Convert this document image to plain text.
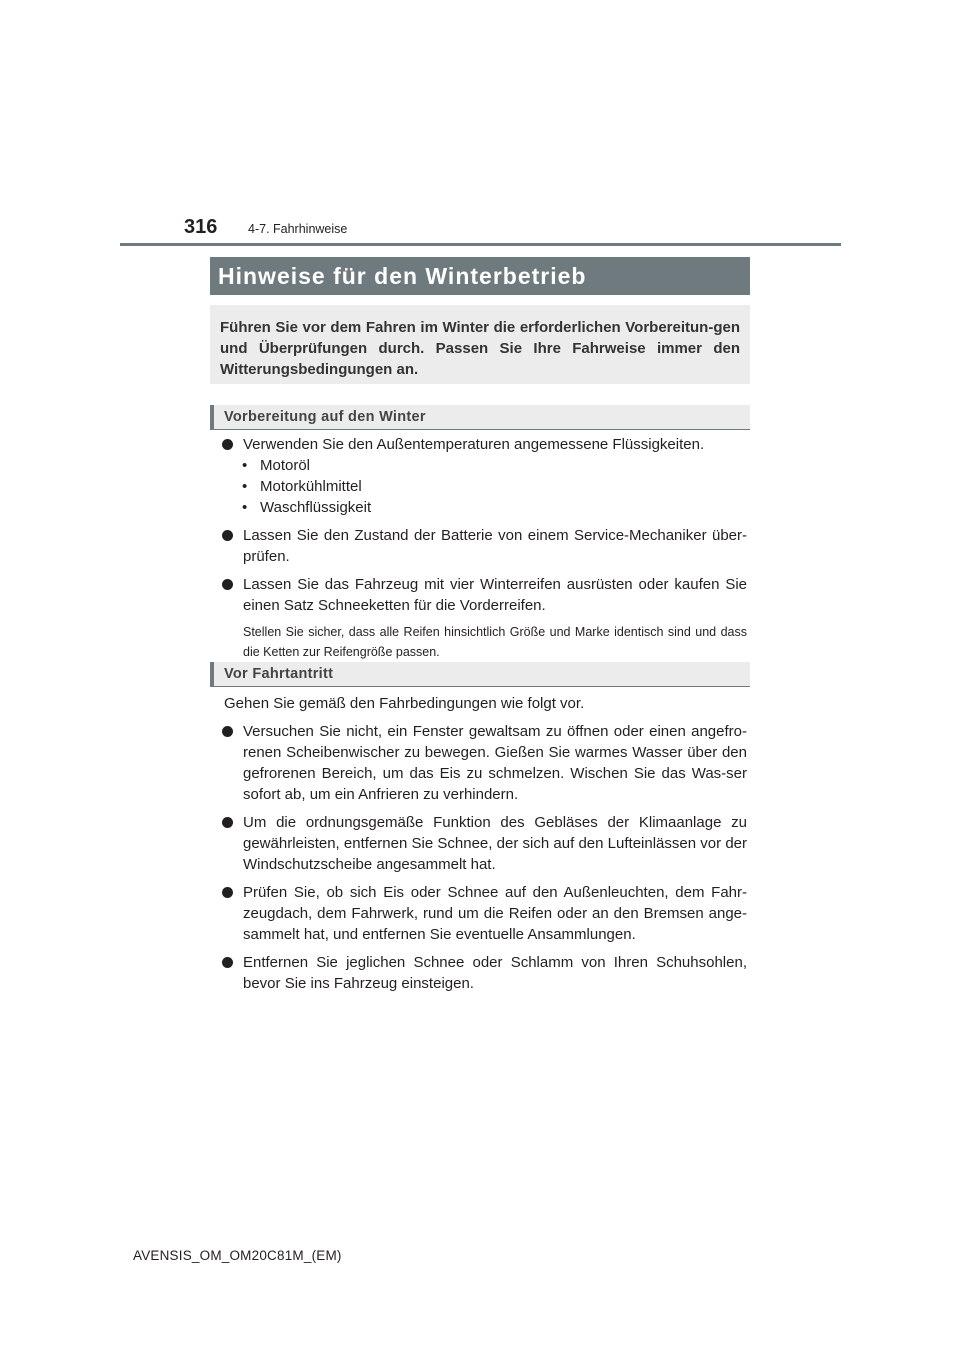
316 4-7. Fahrhinweise
Hinweise für den Winterbetrieb
Führen Sie vor dem Fahren im Winter die erforderlichen Vorbereitun-gen und Überprüfungen durch. Passen Sie Ihre Fahrweise immer den Witterungsbedingungen an.
Vorbereitung auf den Winter
Verwenden Sie den Außentemperaturen angemessene Flüssigkeiten.
• Motoröl
• Motorkühlmittel
• Waschflüssigkeit
Lassen Sie den Zustand der Batterie von einem Service-Mechaniker über-prüfen.
Lassen Sie das Fahrzeug mit vier Winterreifen ausrüsten oder kaufen Sie einen Satz Schneeketten für die Vorderreifen.

Stellen Sie sicher, dass alle Reifen hinsichtlich Größe und Marke identisch sind und dass die Ketten zur Reifengröße passen.

Vor Fahrtantritt
Gehen Sie gemäß den Fahrbedingungen wie folgt vor.
Versuchen Sie nicht, ein Fenster gewaltsam zu öffnen oder einen angefro-renen Scheibenwischer zu bewegen. Gießen Sie warmes Wasser über den gefrorenen Bereich, um das Eis zu schmelzen. Wischen Sie das Was-ser sofort ab, um ein Anfrieren zu verhindern.
Um die ordnungsgemäße Funktion des Gebläses der Klimaanlage zu gewährleisten, entfernen Sie Schnee, der sich auf den Lufteinlässen vor der Windschutzscheibe angesammelt hat.
Prüfen Sie, ob sich Eis oder Schnee auf den Außenleuchten, dem Fahr-zeugdach, dem Fahrwerk, rund um die Reifen oder an den Bremsen ange-sammelt hat, und entfernen Sie eventuelle Ansammlungen.
Entfernen Sie jeglichen Schnee oder Schlamm von Ihren Schuhsohlen, bevor Sie ins Fahrzeug einsteigen.
AVENSIS_OM_OM20C81M_(EM)
